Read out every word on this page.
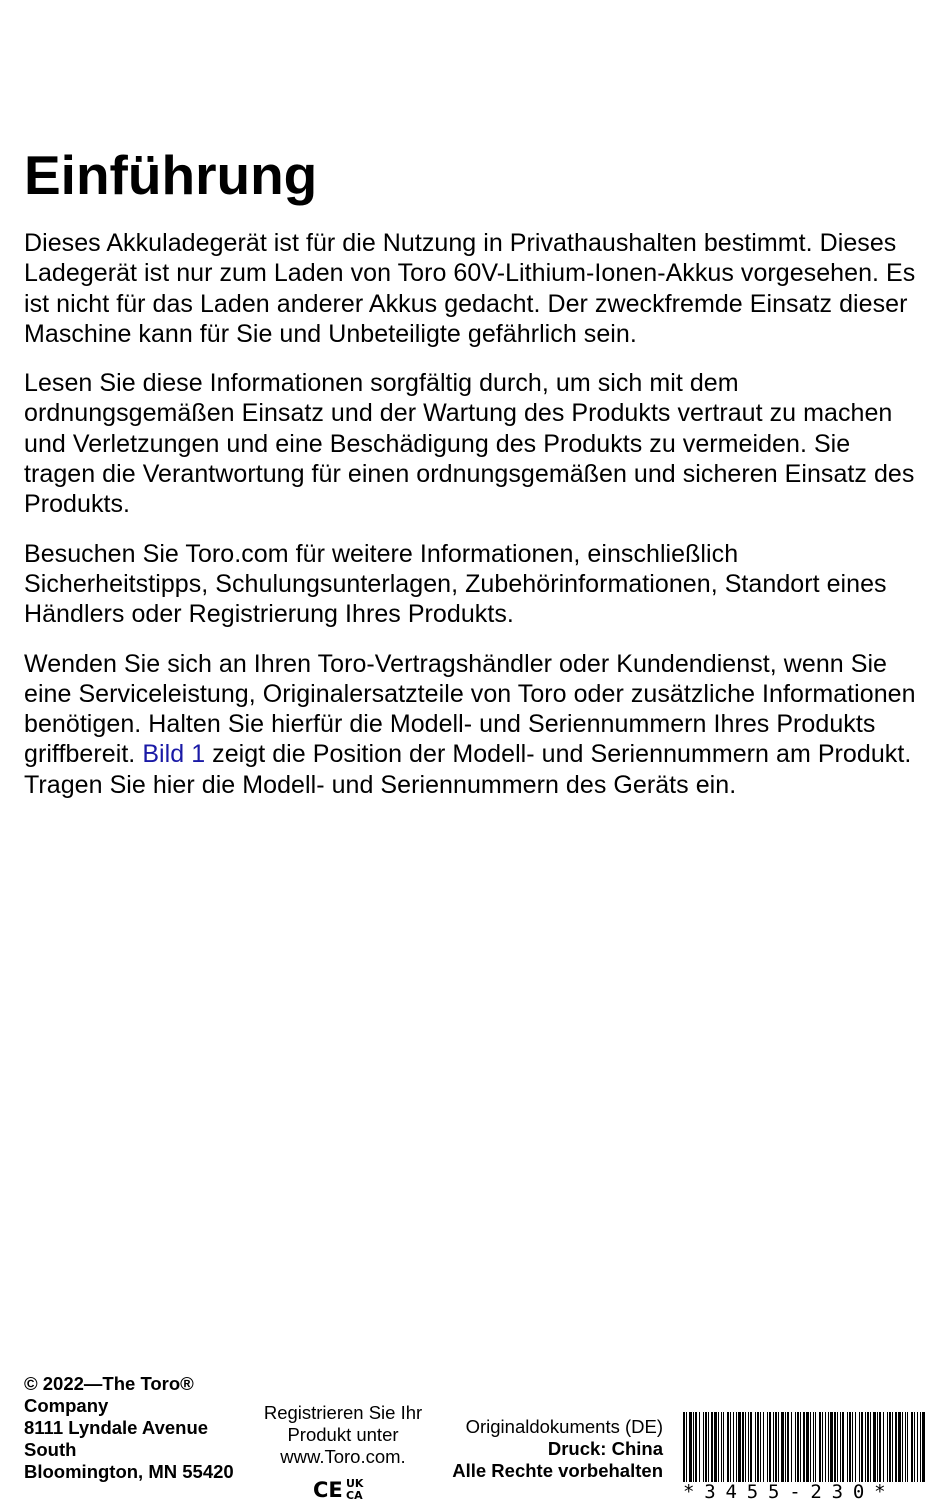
Einführung

Dieses Akkuladegerät ist für die Nutzung in Privathaushalten bestimmt. Dieses Ladegerät ist nur zum Laden von Toro 60V-Lithium-Ionen-Akkus vorgesehen. Es ist nicht für das Laden anderer Akkus gedacht. Der zweckfremde Einsatz dieser Maschine kann für Sie und Unbeteiligte gefährlich sein.

Lesen Sie diese Informationen sorgfältig durch, um sich mit dem ordnungsgemäßen Einsatz und der Wartung des Produkts vertraut zu machen und Verletzungen und eine Beschädigung des Produkts zu vermeiden. Sie tragen die Verantwortung für einen ordnungsgemäßen und sicheren Einsatz des Produkts.

Besuchen Sie Toro.com für weitere Informationen, einschließlich Sicherheitstipps, Schulungsunterlagen, Zubehörinformationen, Standort eines Händlers oder Registrierung Ihres Produkts.

Wenden Sie sich an Ihren Toro-Vertragshändler oder Kundendienst, wenn Sie eine Serviceleistung, Originalersatzteile von Toro oder zusätzliche Informationen benötigen. Halten Sie hierfür die Modell- und Seriennummern Ihres Produkts griffbereit. Bild 1 zeigt die Position der Modell- und Seriennummern am Produkt. Tragen Sie hier die Modell- und Seriennummern des Geräts ein.

© 2022—The Toro® Company
8111 Lyndale Avenue South
Bloomington, MN 55420
Registrieren Sie Ihr Produkt unter www.Toro.com.
CE UK
CA
Originaldokuments (DE)
Druck: China
Alle Rechte vorbehalten
*3455-230*
